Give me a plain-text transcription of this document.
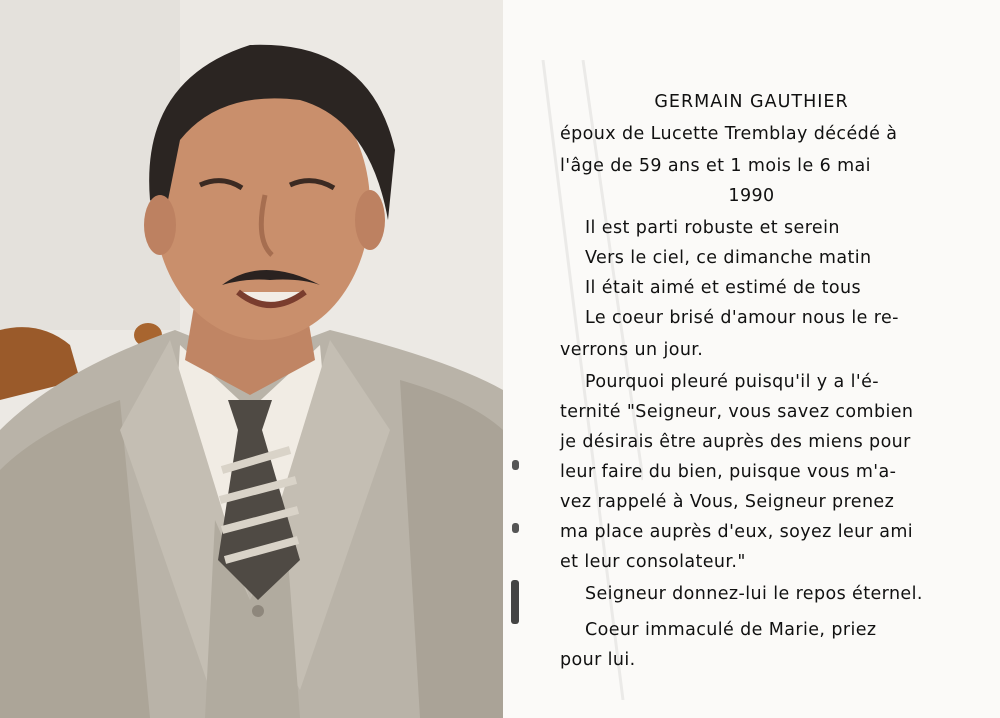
GERMAIN GAUTHIER
époux de Lucette Tremblay décédé à
l'âge de 59 ans et 1 mois le 6 mai
1990
Il est parti robuste et serein
Vers le ciel, ce dimanche matin
Il était aimé et estimé de tous
Le coeur brisé d'amour nous le re-
verrons un jour.
Pourquoi pleuré puisqu'il y a l'é-
ternité "Seigneur, vous savez combien
je désirais être auprès des miens pour
leur faire du bien, puisque vous m'a-
vez rappelé à Vous, Seigneur prenez
ma place auprès d'eux, soyez leur ami
et leur consolateur."
Seigneur donnez-lui le repos éternel.
Coeur immaculé de Marie, priez
pour lui.
